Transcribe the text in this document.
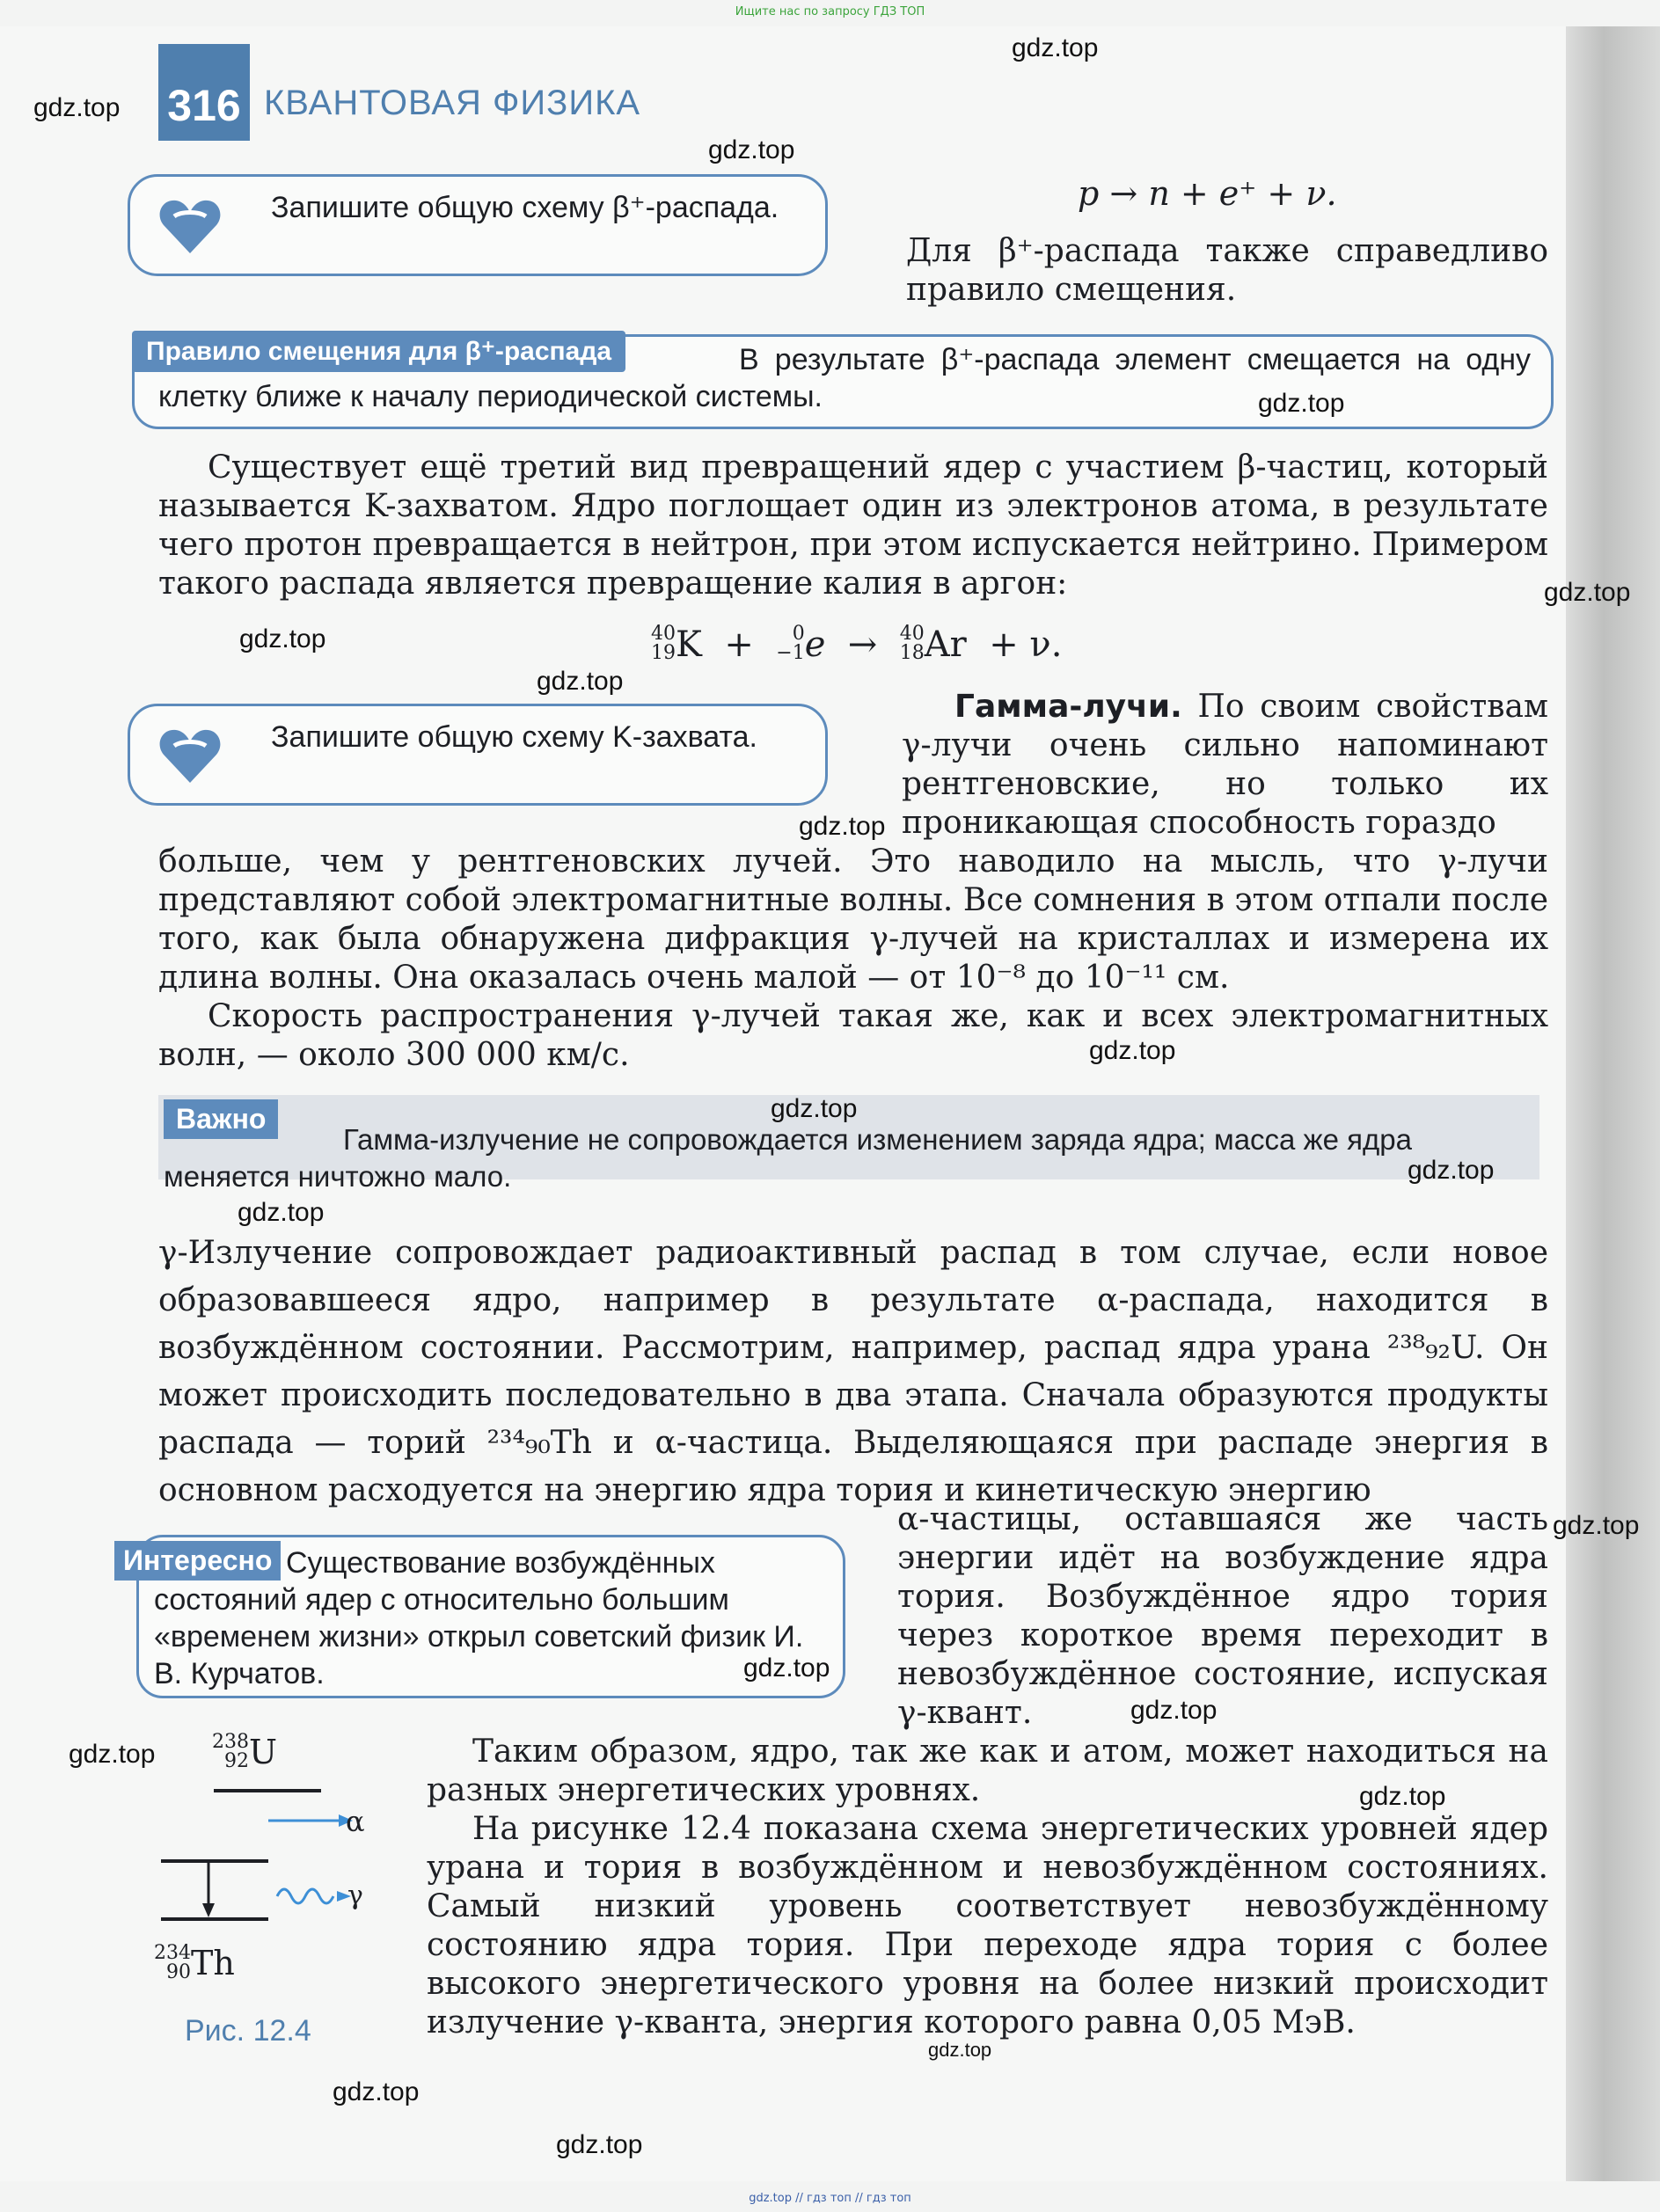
Ищите нас по запросу ГДЗ ТОП
316 КВАНТОВАЯ ФИЗИКА
Запишите общую схему β⁺-распада.	p → n + e⁺ + ν.
Для β⁺-распада также справедливо правило смещения.
Правило смещения для β⁺-распада	В результате β⁺-распада элемент смещается на одну клетку ближе к началу периодической системы.
Существует ещё третий вид превращений ядер с участием β-частиц, который называется K-захватом. Ядро поглощает один из электронов атома, в результате чего протон превращается в нейтрон, при этом испускается нейтрино. Примером такого распада является превращение калия в аргон:
40
19 K  + 0
−1 e  → 40
18 Ar + ν.
Запишите общую схему K-захвата.
Гамма-лучи. По своим свойствам γ-лучи очень сильно напоминают рентгеновские, но только их проникающая способность гораздо
больше, чем у рентгеновских лучей. Это наводило на мысль, что γ-лучи представляют собой электромагнитные волны. Все сомнения в этом отпали после того, как была обнаружена дифракция γ-лучей на кристаллах и измерена их длина волны. Она оказалась очень малой — от 10⁻⁸ до 10⁻¹¹ см.
Скорость распространения γ-лучей такая же, как и всех электромагнитных волн, — около 300 000 км/с.
Важно
Гамма-излучение не сопровождается изменением заряда ядра; масса же ядра меняется ничтожно мало.
γ-Излучение сопровождает радиоактивный распад в том случае, если новое образовавшееся ядро, например в результате α-распада, находится в возбуждённом состоянии. Рассмотрим, например, распад ядра урана ²³⁸₉₂U. Он может происходить последовательно в два этапа. Сначала образуются продукты распада — торий ²³⁴₉₀Th и α-частица. Выделяющаяся при распаде энергия в основном расходуется на энергию ядра тория и кинетическую энергию
Интересно Существование возбуждённых состояний ядер с относительно большим «временем жизни» открыл советский физик И. В. Курчатов.
α-частицы, оставшаяся же часть энергии идёт на возбуждение ядра тория. Возбуждённое ядро тория через короткое время переходит в невозбуждённое состояние, испуская γ-квант.
Таким образом, ядро, так же как и атом, может находиться на разных энергетических уровнях.
На рисунке 12.4 показана схема энергетических уровней ядер урана и тория в возбуждённом и невозбуждённом состояниях. Самый низкий уровень соответствует невозбуждённому состоянию ядра тория. При переходе ядра тория с более высокого энергетического уровня на более низкий происходит излучение γ-кванта, энергия которого равна 0,05 МэВ.
238
92 U
α
γ
234
90 Th
Рис. 12.4
gdz.top
gdz.top
gdz.top
gdz.top
gdz.top
gdz.top
gdz.top
gdz.top
gdz.top
gdz.top
gdz.top
gdz.top
gdz.top
gdz.top
gdz.top
gdz.top
gdz.top
gdz.top
gdz.top
gdz.top
gdz.top // гдз топ // гдз топ
